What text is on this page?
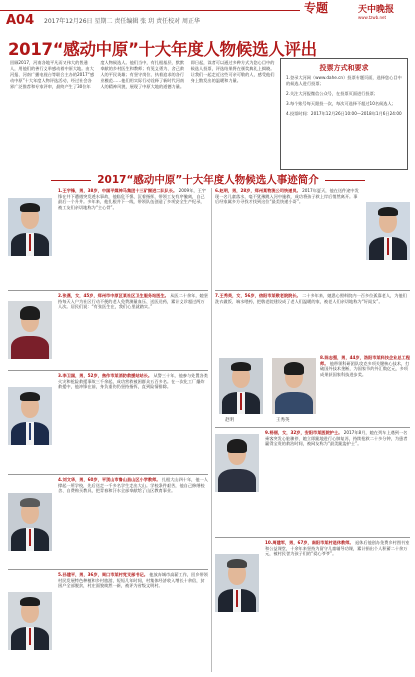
A04 2017年12月26日 星期二 责任编辑 张 玥 责任校对 周正华
专题	天中晚报
www.tzwb.net
2017“感动中原”十大年度人物候选人评出
回顾2017，河南各地平凡而又伟大的普通人，用他们的善行义举感动着中原大地。由大河报、河南广播电视台等联合主办的2017“感动中原”十大年度人物评选活动，经过社会各界广泛推荐和专家评审，最终产生了30位年度人物候选人。他们当中，有扎根基层、默默奉献的乡村医生和教师；有见义勇为、舍己救人的平民英雄；有坚守岗位、执着追求的各行业模范……他们用实际行动诠释了新时代河南人的精神风貌，展现了中原大地的道德力量。即日起，读者可以通过多种方式为您心目中的候选人投票，评选结果将在颁奖典礼上揭晓。让我们一起走近这些可亲可敬的人，感受他们身上散发出的温暖和力量。
投票方式和要求
1.登录大河网（www.dahe.cn）投票专题页面，选择您心目中的候选人进行投票；
2.关注大河报微信公众号，在投票页面进行投票；
3.每个账号每天限投一次，每次可选择不超过10名候选人；
4.投票时间：2017年12月26日10:00—2018年1月6日24:00
2017“感动中原”十大年度人物候选人事迹简介
1.王宇锋，男，38岁，中国平煤神马集团十三矿掘进二队队长。 2009年，王宇锋在井下遭遇突发透水事故，他临危不惧、沉着指挥，带领工友有序撤离，自己最后一个升井。多年来，他扎根井下一线，带领队伍创造了多项安全生产纪录，被工友们亲切地称为“主心骨”。
2.张燕，女，45岁，郑州市中原区某社区卫生服务站医生。 从医二十余年，她坚持每天入户为社区行动不便的老人免费测量血压、送医送药，累计义诊超过两万人次。居民们说：“有张医生在，我们心里就踏实。”
3.李卫国，男，52岁，焦作市某消防救援站站长。 从警三十年，他参与处置各类火灾和抢险救援事故三千余起，成功营救被困群众五百多名。在一次化工厂爆炸救援中，他冲锋在前，身负重伤仍坚持指挥，直到险情排除。
4.刘文华，男，60岁，平顶山市鲁山县山区小学教师。 扎根大山四十年，他一人撑起一所学校，先后送走一千多名学生走出大山。学校条件艰苦，他自己修缮校舍、自费购买教具，把青春和汗水全部奉献给了山区教育事业。
5.孙建平，男，36岁，周口市某村党支部书记。 他放弃城市高薪工作，回乡带领村民发展特色种植和乡村旅游，短短几年时间，村集体经济收入增长十余倍，贫困户全部脱贫，村庄面貌焕然一新，被评为省级文明村。
6.赵明，男，28岁，郑州某物流公司快递员。 2017年夏天，他在送件途中发现一名儿童落水，毫不犹豫跳入河中施救，成功将孩子救上岸后悄然离开。事后经家属多方寻找才找到这位“最美快递小哥”。
7.王秀英，女，56岁，信阳市某敬老院院长。 二十多年来，她悉心照料院内一百多位孤寡老人，为他们洗衣做饭、端水喂药，把敬老院建设成了老人们温暖的家，被老人们亲切地称为“好闺女”。
赵明	王秀英
8.陈志强，男，44岁，洛阳市某科技企业总工程师。 他带领科研团队攻克多项关键核心技术，打破国外技术垄断，为国家节约外汇数亿元，多项成果获国家科技进步奖。
9.杨丽，女，32岁，安阳市某医院护士。 2017年8月，她在列车上遇到一名乘客突发心脏骤停，她立即跪地进行心肺复苏，持续抢救二十多分钟，为患者赢得宝贵的救治时间，被网友称为“最美跪姿护士”。
10.周建军，男，67岁，南阳市某村退休教师。 退休后他创办免费乡村图书室和公益课堂，十余年来坚持为留守儿童辅导功课，累计捐出个人积蓄二十余万元，被村民誉为孩子们的“爱心爷爷”。
